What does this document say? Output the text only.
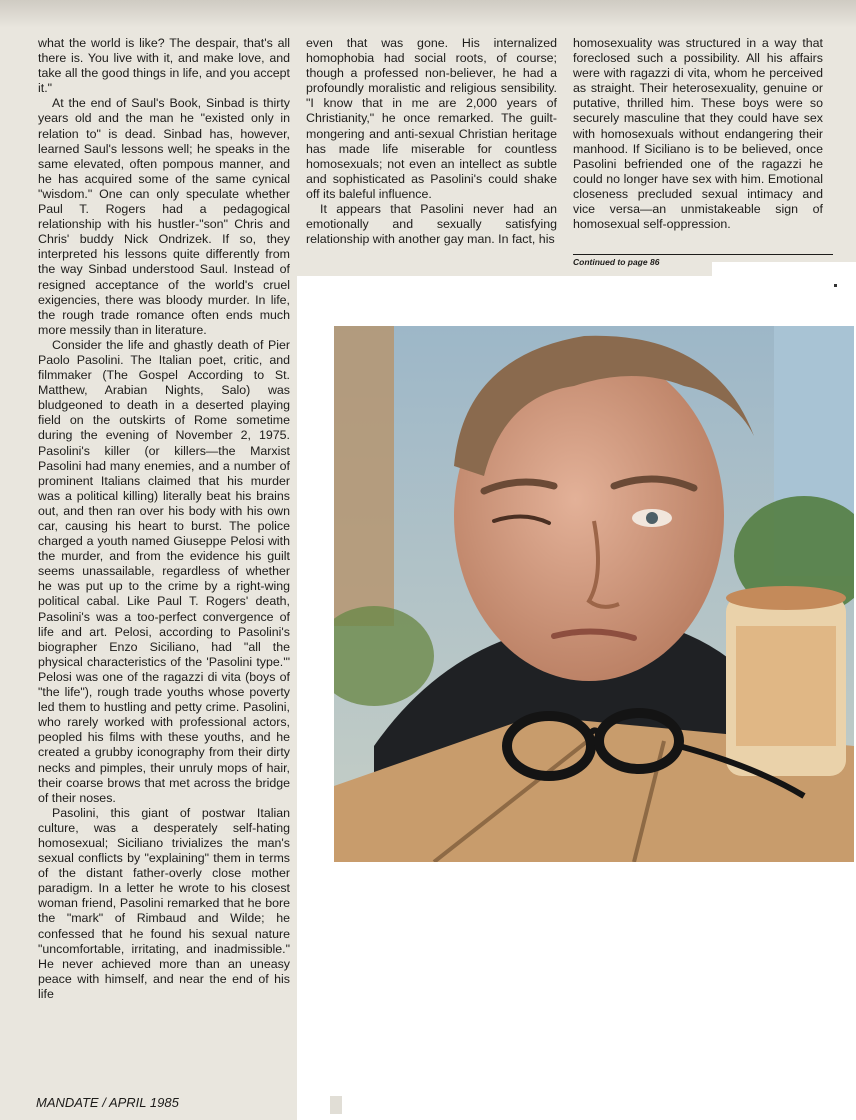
what the world is like? The despair, that's all there is. You live with it, and make love, and take all the good things in life, and you accept it."

At the end of Saul's Book, Sinbad is thirty years old and the man he "existed only in relation to" is dead. Sinbad has, however, learned Saul's lessons well; he speaks in the same elevated, often pompous manner, and he has acquired some of the same cynical "wisdom." One can only speculate whether Paul T. Rogers had a pedagogical relationship with his hustler-"son" Chris and Chris' buddy Nick Ondrizek. If so, they interpreted his lessons quite differently from the way Sinbad understood Saul. Instead of resigned acceptance of the world's cruel exigencies, there was bloody murder. In life, the rough trade romance often ends much more messily than in literature.

Consider the life and ghastly death of Pier Paolo Pasolini. The Italian poet, critic, and filmmaker (The Gospel According to St. Matthew, Arabian Nights, Salo) was bludgeoned to death in a deserted playing field on the outskirts of Rome sometime during the evening of November 2, 1975. Pasolini's killer (or killers—the Marxist Pasolini had many enemies, and a number of prominent Italians claimed that his murder was a political killing) literally beat his brains out, and then ran over his body with his own car, causing his heart to burst. The police charged a youth named Giuseppe Pelosi with the murder, and from the evidence his guilt seems unassailable, regardless of whether he was put up to the crime by a right-wing political cabal. Like Paul T. Rogers' death, Pasolini's was a too-perfect convergence of life and art. Pelosi, according to Pasolini's biographer Enzo Siciliano, had "all the physical characteristics of the 'Pasolini type.'" Pelosi was one of the ragazzi di vita (boys of "the life"), rough trade youths whose poverty led them to hustling and petty crime. Pasolini, who rarely worked with professional actors, peopled his films with these youths, and he created a grubby iconography from their dirty necks and pimples, their unruly mops of hair, their coarse brows that met across the bridge of their noses.

Pasolini, this giant of postwar Italian culture, was a desperately self-hating homosexual; Siciliano trivializes the man's sexual conflicts by "explaining" them in terms of the distant father-overly close mother paradigm. In a letter he wrote to his closest woman friend, Pasolini remarked that he bore the "mark" of Rimbaud and Wilde; he confessed that he found his sexual nature "uncomfortable, irritating, and inadmissible." He never achieved more than an uneasy peace with himself, and near the end of his life

even that was gone. His internalized homophobia had social roots, of course; though a professed non-believer, he had a profoundly moralistic and religious sensibility. "I know that in me are 2,000 years of Christianity," he once remarked. The guilt-mongering and anti-sexual Christian heritage has made life miserable for countless homosexuals; not even an intellect as subtle and sophisticated as Pasolini's could shake off its baleful influence.

It appears that Pasolini never had an emotionally and sexually satisfying relationship with another gay man. In fact, his

homosexuality was structured in a way that foreclosed such a possibility. All his affairs were with ragazzi di vita, whom he perceived as straight. Their heterosexuality, genuine or putative, thrilled him. These boys were so securely masculine that they could have sex with homosexuals without endangering their manhood. If Siciliano is to be believed, once Pasolini befriended one of the ragazzi he could no longer have sex with him. Emotional closeness precluded sexual intimacy and vice versa—an unmistakeable sign of homosexual self-oppression.

Continued to page 86
MANDATE / APRIL 1985
